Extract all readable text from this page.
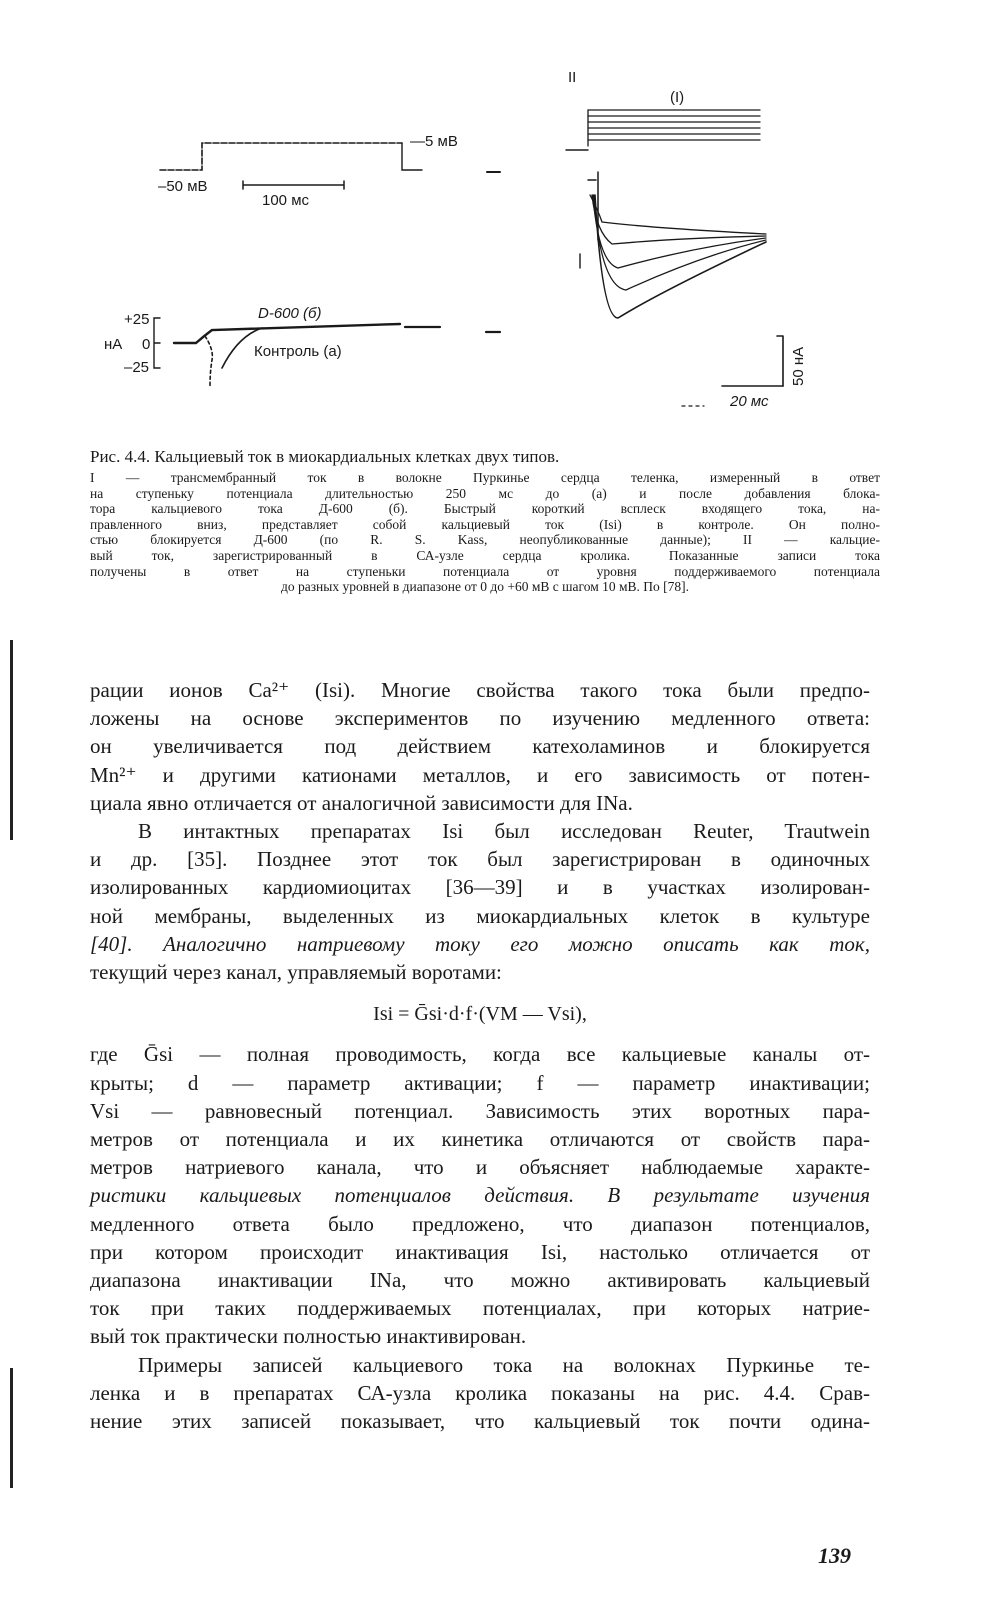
—5 мВ
–50 мВ
100 мс
+25
нА 0
–25
D-600 (б)
Контроль (а)
II
(I)
50 нА
20 мс
Рис. 4.4. Кальциевый ток в миокардиальных клетках двух типов.
I — трансмембранный ток в волокне Пуркинье сердца теленка, измеренный в ответ
на ступеньку потенциала длительностью 250 мс до (а) и после добавления блока-
тора кальциевого тока Д-600 (б). Быстрый короткий всплеск входящего тока, на-
правленного вниз, представляет собой кальциевый ток (Isi) в контроле. Он полно-
стью блокируется Д-600 (по R. S. Kass, неопубликованные данные); II — кальцие-
вый ток, зарегистрированный в СА-узле сердца кролика. Показанные записи тока
получены в ответ на ступеньки потенциала от уровня поддерживаемого потенциала
до разных уровней в диапазоне от 0 до +60 мВ с шагом 10 мВ. По [78].

рации ионов Ca²⁺ (Isi). Многие свойства такого тока были предпо-
ложены на основе экспериментов по изучению медленного ответа:
он увеличивается под действием катехоламинов и блокируется
Mn²⁺ и другими катионами металлов, и его зависимость от потен-
циала явно отличается от аналогичной зависимости для INa.

В интактных препаратах Isi был исследован Reuter, Trautwein
и др. [35]. Позднее этот ток был зарегистрирован в одиночных
изолированных кардиомиоцитах [36—39] и в участках изолирован-
ной мембраны, выделенных из миокардиальных клеток в культуре
[40]. Аналогично натриевому току его можно описать как ток,
текущий через канал, управляемый воротами:

Isi = Ḡsi·d·f·(VM — Vsi),

где Ḡsi — полная проводимость, когда все кальциевые каналы от-
крыты; d — параметр активации; f — параметр инактивации;
Vsi — равновесный потенциал. Зависимость этих воротных пара-
метров от потенциала и их кинетика отличаются от свойств пара-
метров натриевого канала, что и объясняет наблюдаемые характе-
ристики кальциевых потенциалов действия. В результате изучения
медленного ответа было предложено, что диапазон потенциалов,
при котором происходит инактивация Isi, настолько отличается от
диапазона инактивации INa, что можно активировать кальциевый
ток при таких поддерживаемых потенциалах, при которых натрие-
вый ток практически полностью инактивирован.

Примеры записей кальциевого тока на волокнах Пуркинье те-
ленка и в препаратах СА-узла кролика показаны на рис. 4.4. Срав-
нение этих записей показывает, что кальциевый ток почти одина-

139
